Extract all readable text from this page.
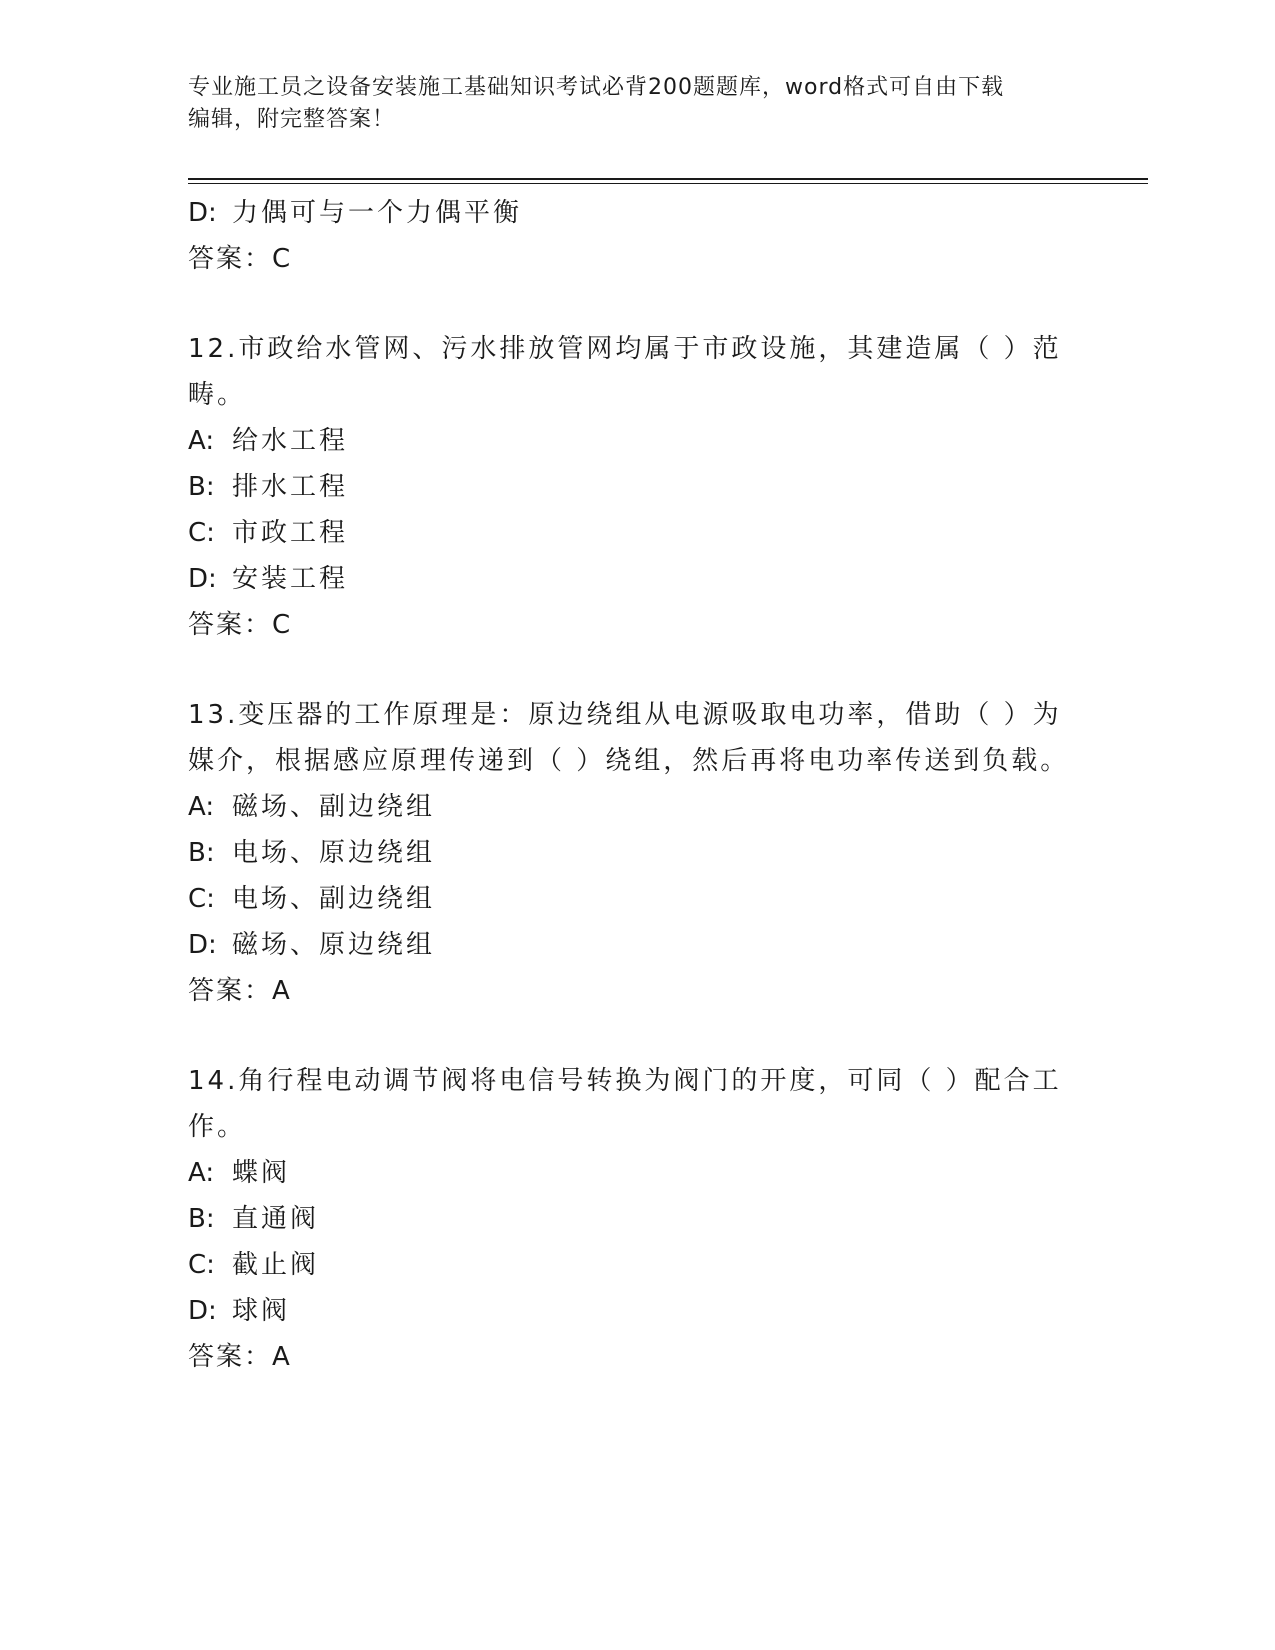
专业施工员之设备安装施工基础知识考试必背200题题库，word格式可自由下载
编辑，附完整答案！
D: 力偶可与一个力偶平衡
答案：C
12.市政给水管网、污水排放管网均属于市政设施，其建造属（ ）范
畴。
A: 给水工程
B: 排水工程
C: 市政工程
D: 安装工程
答案：C
13.变压器的工作原理是：原边绕组从电源吸取电功率，借助（ ）为
媒介，根据感应原理传递到（ ）绕组，然后再将电功率传送到负载。
A: 磁场、副边绕组
B: 电场、原边绕组
C: 电场、副边绕组
D: 磁场、原边绕组
答案：A
14.角行程电动调节阀将电信号转换为阀门的开度，可同（ ）配合工
作。
A: 蝶阀
B: 直通阀
C: 截止阀
D: 球阀
答案：A
